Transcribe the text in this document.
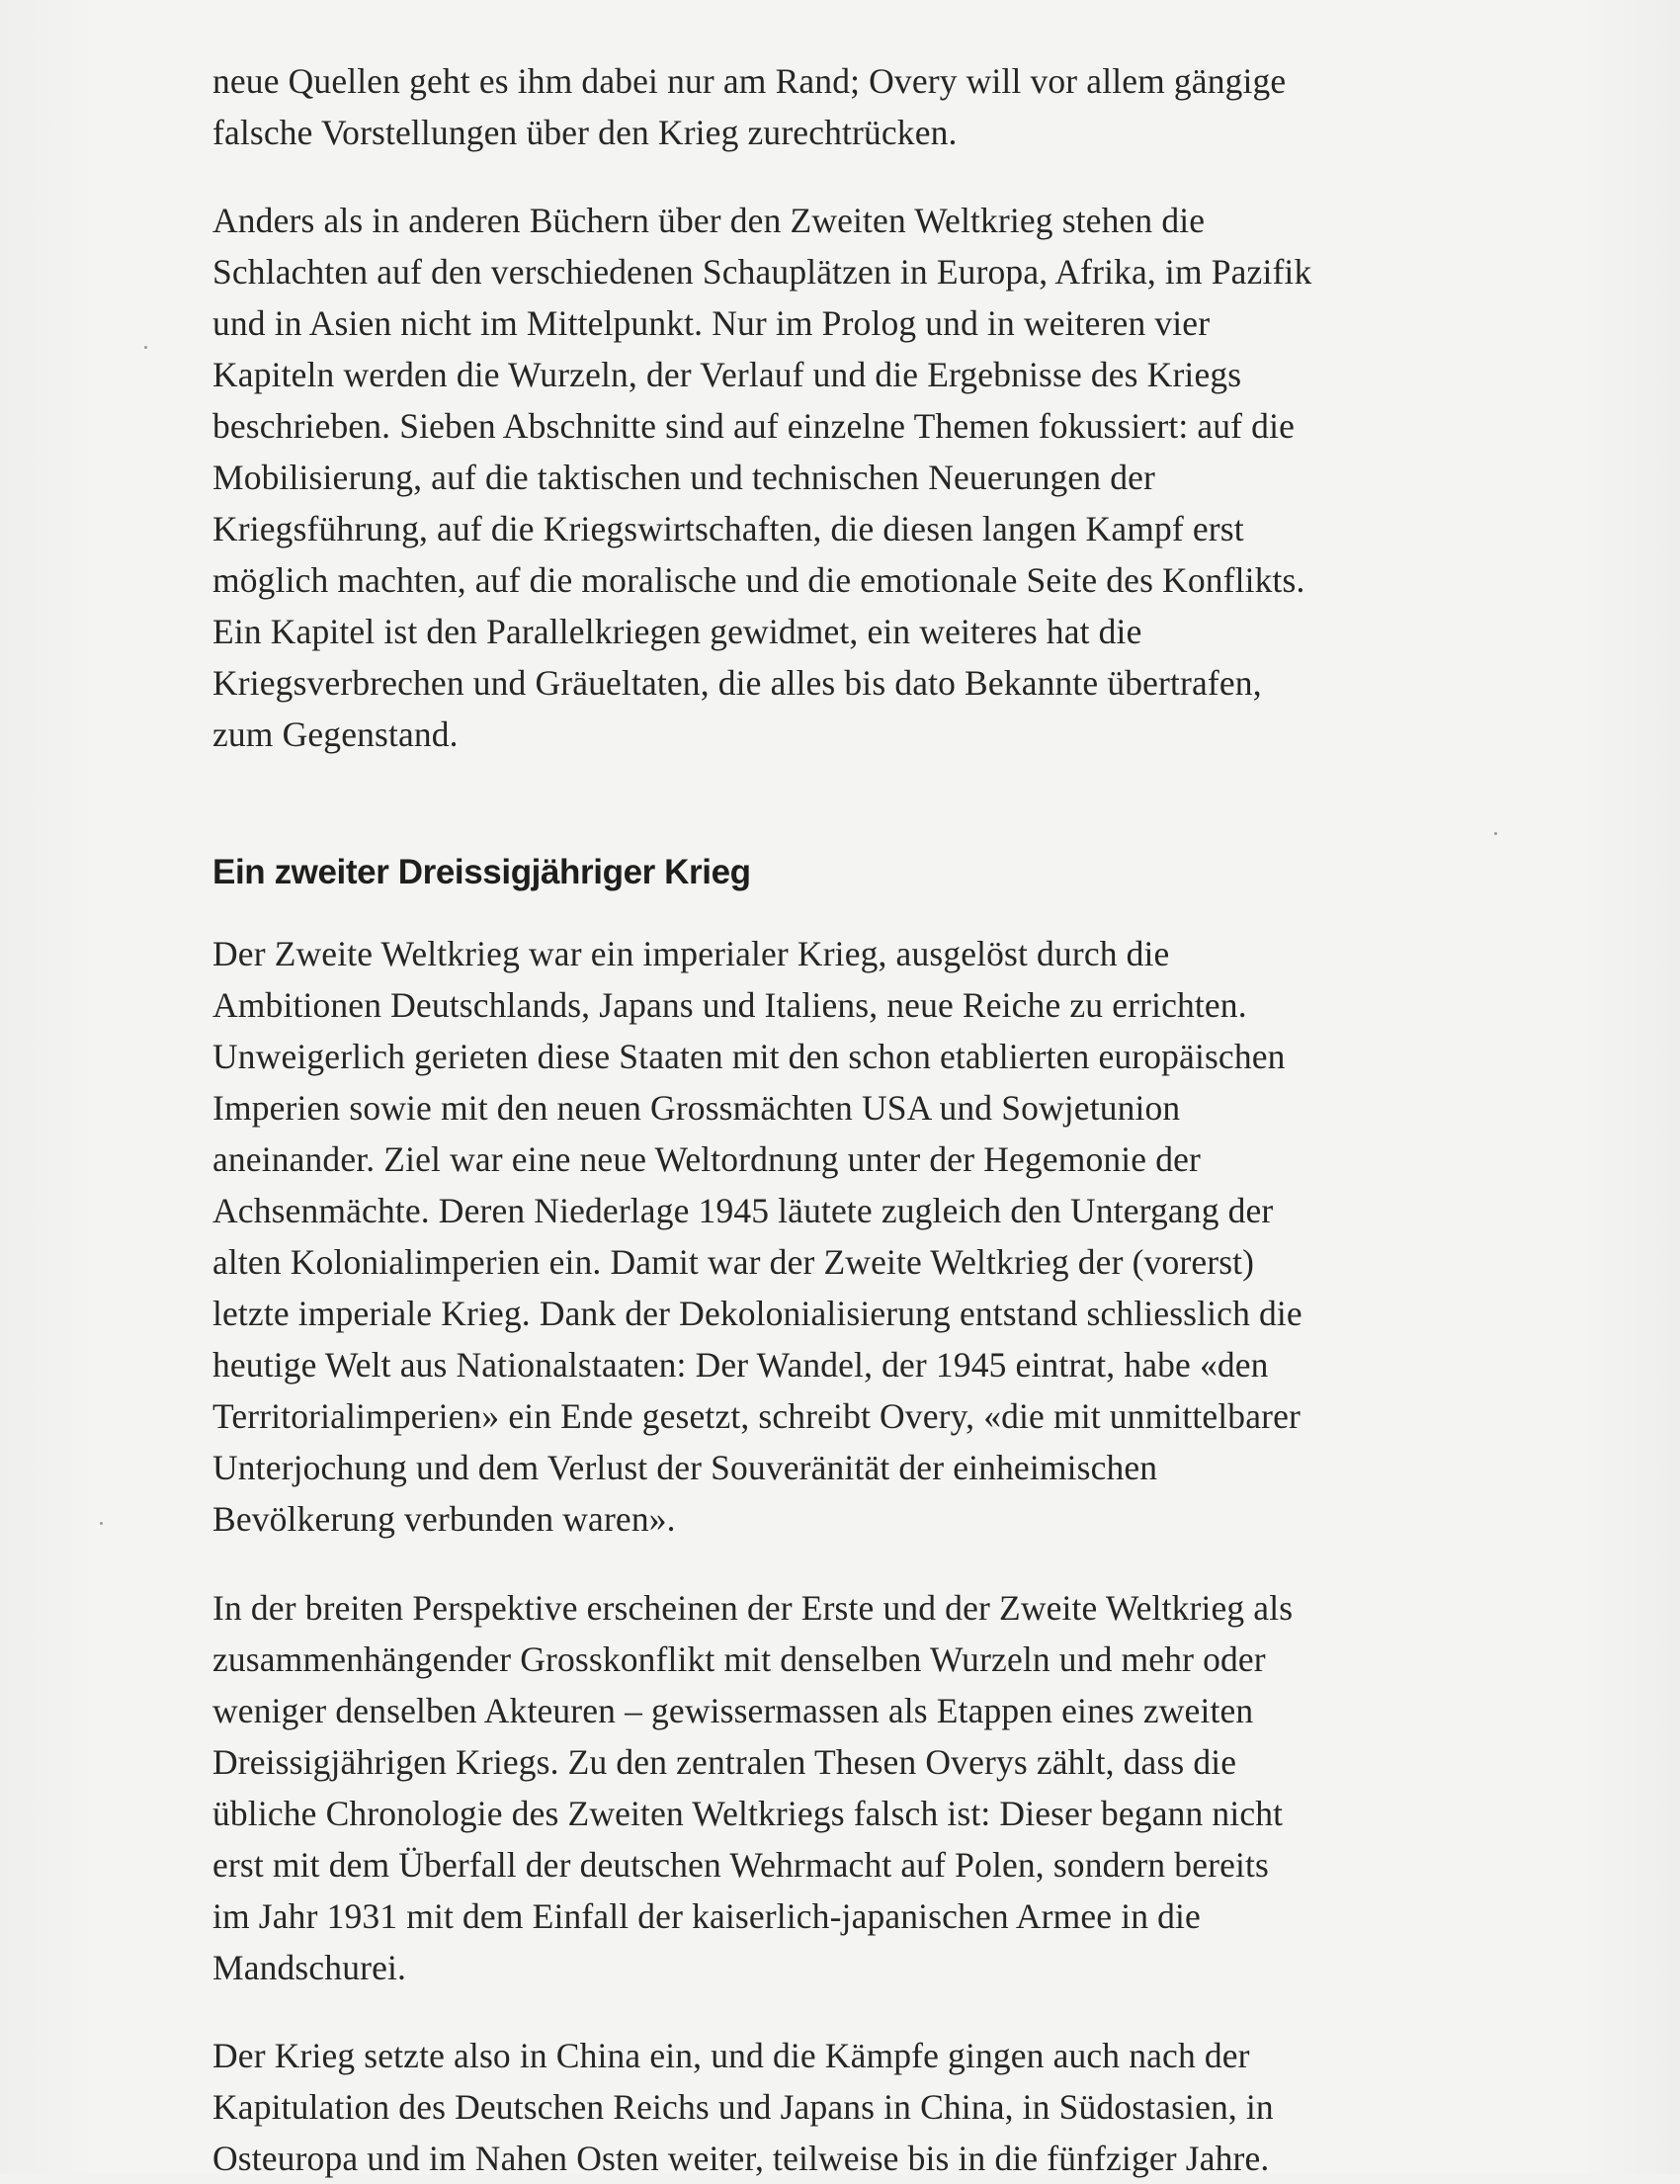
neue Quellen geht es ihm dabei nur am Rand; Overy will vor allem gängige
falsche Vorstellungen über den Krieg zurechtrücken.

Anders als in anderen Büchern über den Zweiten Weltkrieg stehen die
Schlachten auf den verschiedenen Schauplätzen in Europa, Afrika, im Pazifik
und in Asien nicht im Mittelpunkt. Nur im Prolog und in weiteren vier
Kapiteln werden die Wurzeln, der Verlauf und die Ergebnisse des Kriegs
beschrieben. Sieben Abschnitte sind auf einzelne Themen fokussiert: auf die
Mobilisierung, auf die taktischen und technischen Neuerungen der
Kriegsführung, auf die Kriegswirtschaften, die diesen langen Kampf erst
möglich machten, auf die moralische und die emotionale Seite des Konflikts.
Ein Kapitel ist den Parallelkriegen gewidmet, ein weiteres hat die
Kriegsverbrechen und Gräueltaten, die alles bis dato Bekannte übertrafen,
zum Gegenstand.

Ein zweiter Dreissigjähriger Krieg

Der Zweite Weltkrieg war ein imperialer Krieg, ausgelöst durch die
Ambitionen Deutschlands, Japans und Italiens, neue Reiche zu errichten.
Unweigerlich gerieten diese Staaten mit den schon etablierten europäischen
Imperien sowie mit den neuen Grossmächten USA und Sowjetunion
aneinander. Ziel war eine neue Weltordnung unter der Hegemonie der
Achsenmächte. Deren Niederlage 1945 läutete zugleich den Untergang der
alten Kolonialimperien ein. Damit war der Zweite Weltkrieg der (vorerst)
letzte imperiale Krieg. Dank der Dekolonialisierung entstand schliesslich die
heutige Welt aus Nationalstaaten: Der Wandel, der 1945 eintrat, habe «den
Territorialimperien» ein Ende gesetzt, schreibt Overy, «die mit unmittelbarer
Unterjochung und dem Verlust der Souveränität der einheimischen
Bevölkerung verbunden waren».

In der breiten Perspektive erscheinen der Erste und der Zweite Weltkrieg als
zusammenhängender Grosskonflikt mit denselben Wurzeln und mehr oder
weniger denselben Akteuren – gewissermassen als Etappen eines zweiten
Dreissigjährigen Kriegs. Zu den zentralen Thesen Overys zählt, dass die
übliche Chronologie des Zweiten Weltkriegs falsch ist: Dieser begann nicht
erst mit dem Überfall der deutschen Wehrmacht auf Polen, sondern bereits
im Jahr 1931 mit dem Einfall der kaiserlich-japanischen Armee in die
Mandschurei.

Der Krieg setzte also in China ein, und die Kämpfe gingen auch nach der
Kapitulation des Deutschen Reichs und Japans in China, in Südostasien, in
Osteuropa und im Nahen Osten weiter, teilweise bis in die fünfziger Jahre.
